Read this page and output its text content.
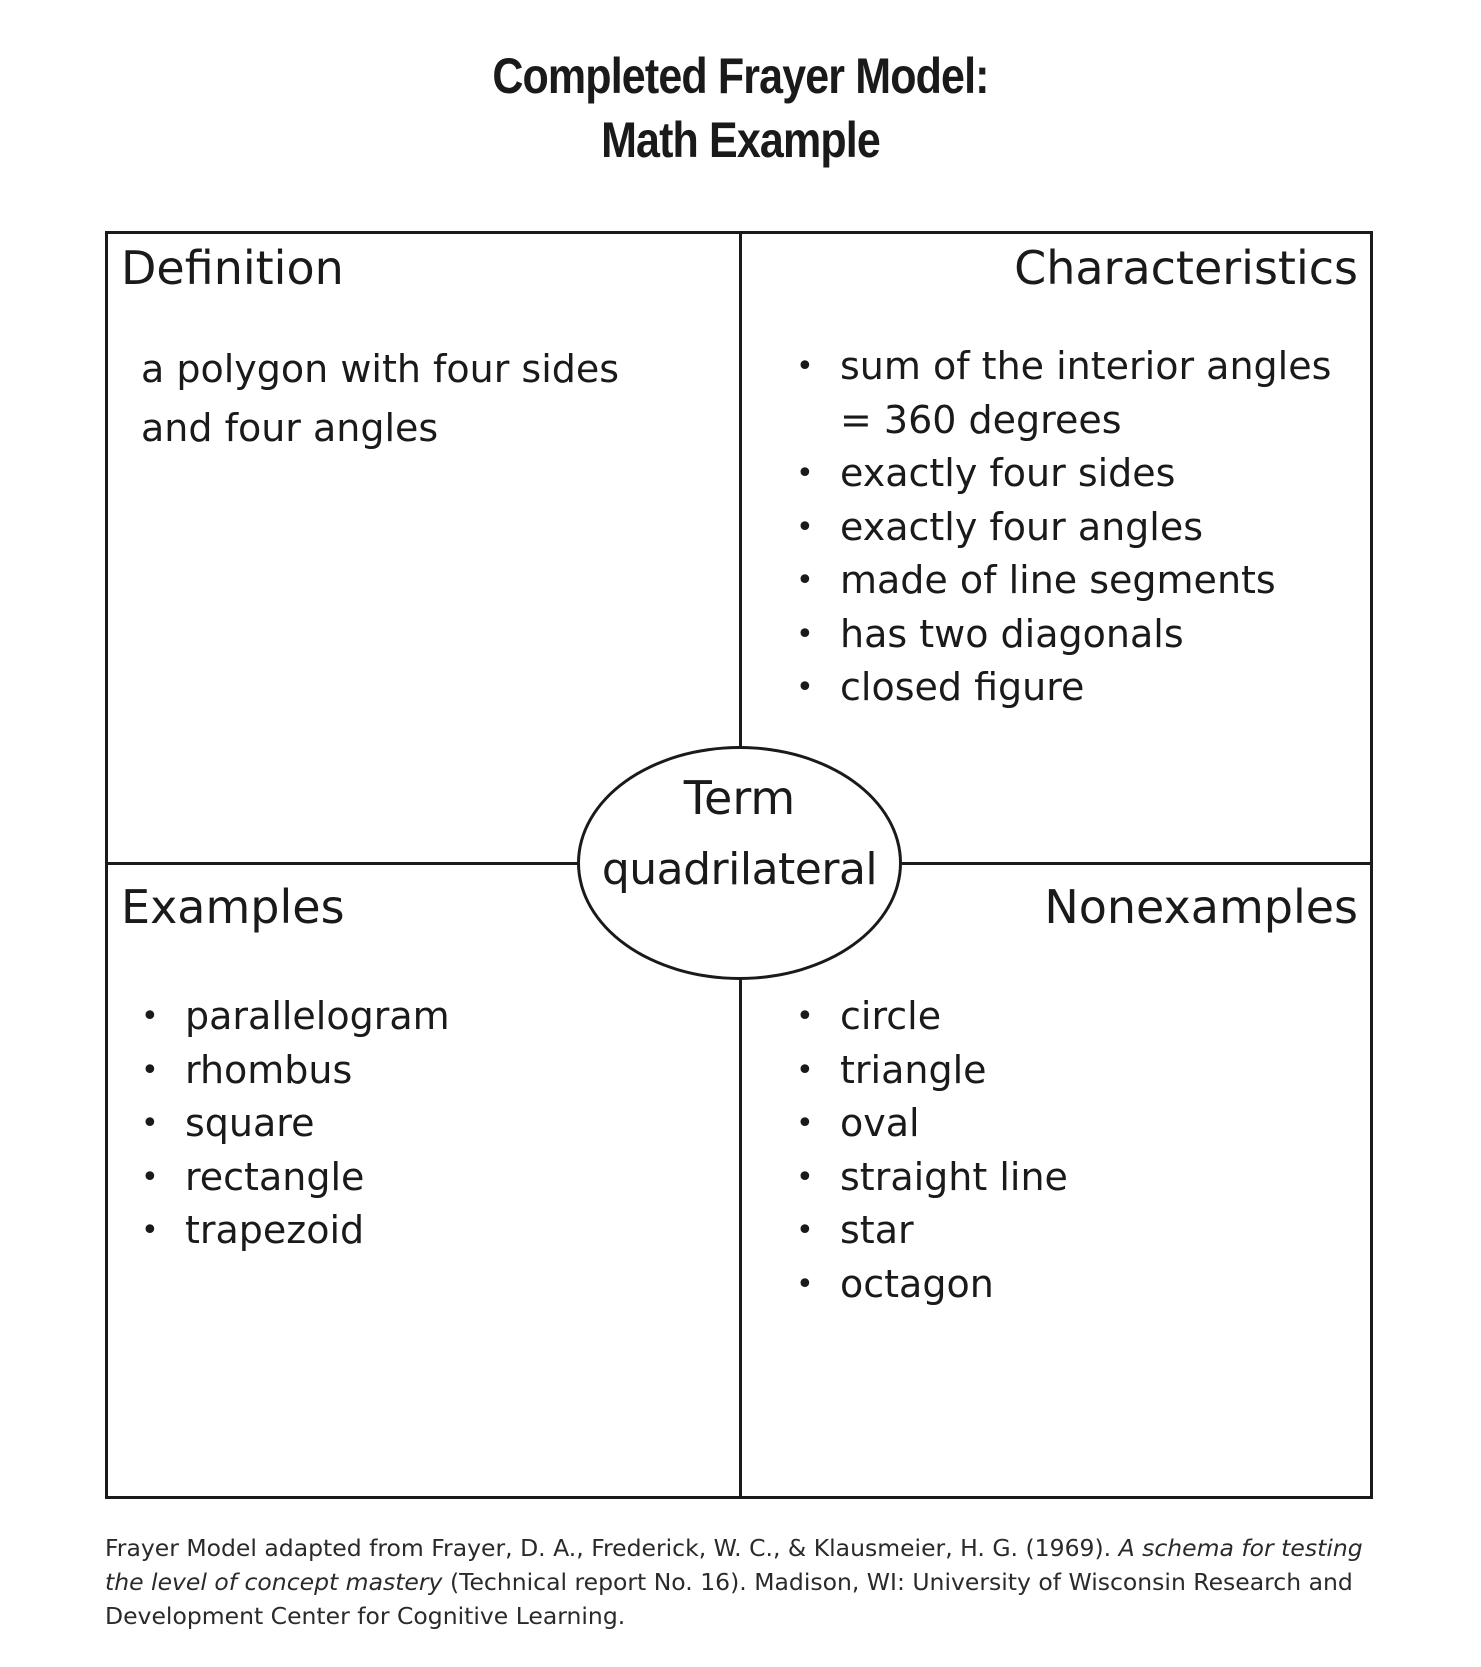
Completed Frayer Model:
Math Example
Definition
a polygon with four sides
and four angles
Characteristics
• sum of the interior angles
= 360 degrees
• exactly four sides
• exactly four angles
• made of line segments
• has two diagonals
• closed figure
Examples
• parallelogram
• rhombus
• square
• rectangle
• trapezoid
Nonexamples
• circle
• triangle
• oval
• straight line
• star
• octagon
Term
quadrilateral
Frayer Model adapted from Frayer, D. A., Frederick, W. C., & Klausmeier, H. G. (1969). A schema for testing the level of concept mastery (Technical report No. 16). Madison, WI: University of Wisconsin Research and Development Center for Cognitive Learning.
